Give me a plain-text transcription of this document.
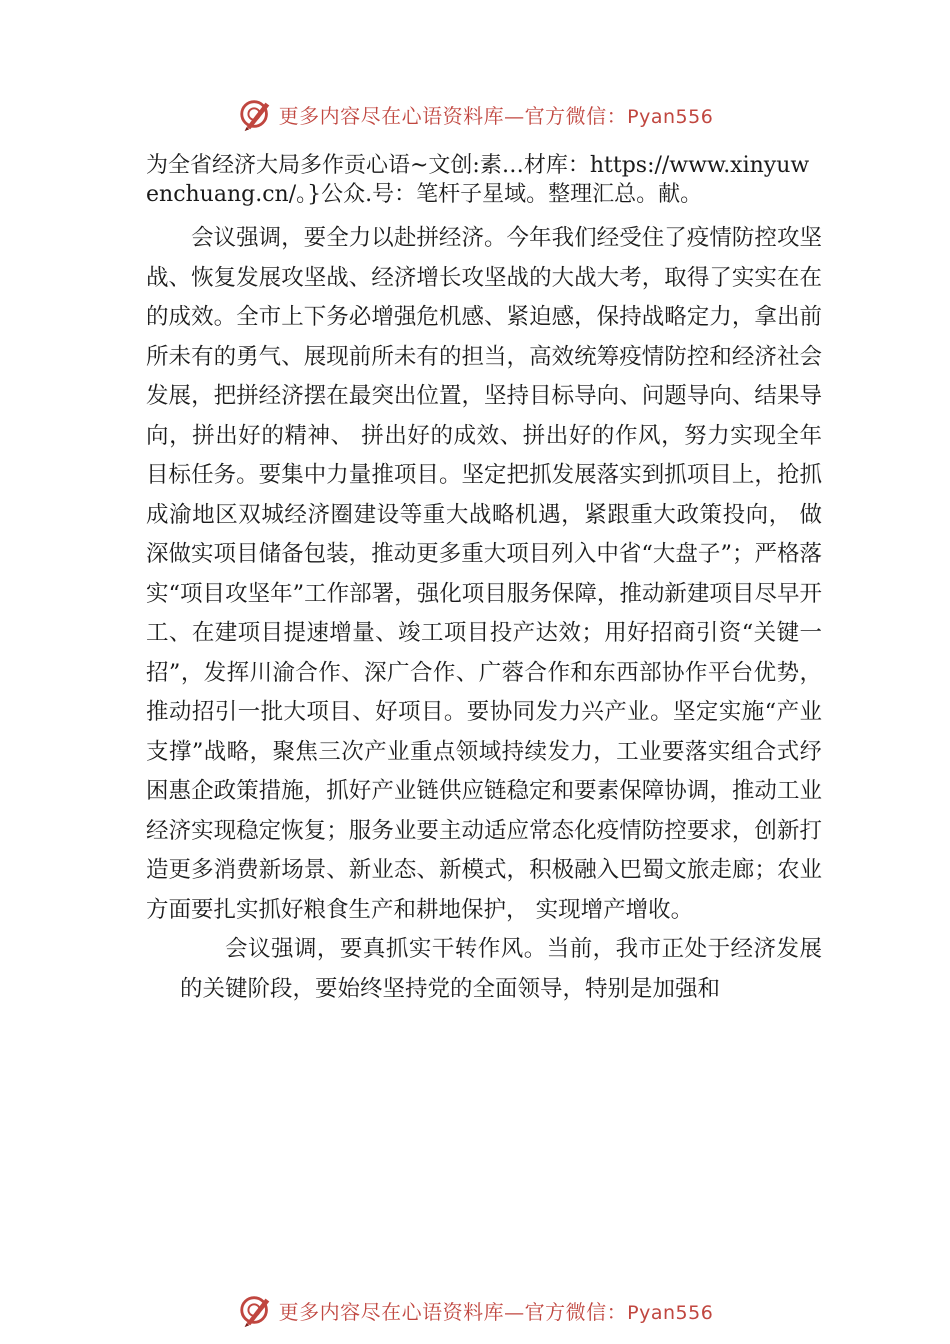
更多内容尽在心语资料库—官方微信：Pyan556

为全省经济大局多作贡心语~文创:素…材库：https://www.xinyuwenchuang.cn/。}公众.号：笔杆子星域。整理汇总。献。

会议强调，要全力以赴拼经济。今年我们经受住了疫情防控攻坚战、恢复发展攻坚战、经济增长攻坚战的大战大考，取得了实实在在的成效。全市上下务必增强危机感、紧迫感，保持战略定力，拿出前所未有的勇气、展现前所未有的担当，高效统筹疫情防控和经济社会发展，把拼经济摆在最突出位置，坚持目标导向、问题导向、结果导向，拼出好的精神、 拼出好的成效、拼出好的作风，努力实现全年目标任务。要集中力量推项目。坚定把抓发展落实到抓项目上，抢抓成渝地区双城经济圈建设等重大战略机遇，紧跟重大政策投向， 做深做实项目储备包装，推动更多重大项目列入中省“大盘子”；严格落实“项目攻坚年”工作部署，强化项目服务保障，推动新建项目尽早开工、在建项目提速增量、竣工项目投产达效；用好招商引资“关键一招”，发挥川渝合作、深广合作、广蓉合作和东西部协作平台优势，推动招引一批大项目、好项目。要协同发力兴产业。坚定实施“产业支撑”战略，聚焦三次产业重点领域持续发力，工业要落实组合式纾困惠企政策措施，抓好产业链供应链稳定和要素保障协调，推动工业经济实现稳定恢复；服务业要主动适应常态化疫情防控要求，创新打造更多消费新场景、新业态、新模式，积极融入巴蜀文旅走廊；农业方面要扎实抓好粮食生产和耕地保护， 实现增产增收。

会议强调，要真抓实干转作风。当前，我市正处于经济发展的关键阶段，要始终坚持党的全面领导，特别是加强和

更多内容尽在心语资料库—官方微信：Pyan556
